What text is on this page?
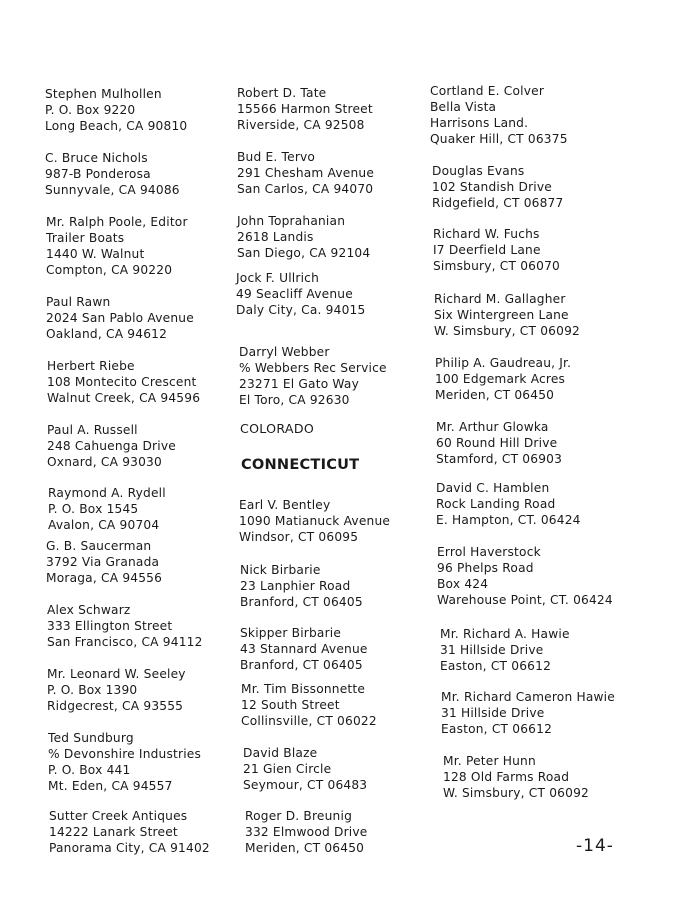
Stephen Mulhollen
P. O. Box 9220
Long Beach, CA 90810
C. Bruce Nichols
987-B Ponderosa
Sunnyvale, CA 94086
Mr. Ralph Poole, Editor
Trailer Boats
1440 W. Walnut
Compton, CA 90220
Paul Rawn
2024 San Pablo Avenue
Oakland, CA 94612
Herbert Riebe
108 Montecito Crescent
Walnut Creek, CA 94596
Paul A. Russell
248 Cahuenga Drive
Oxnard, CA 93030
Raymond A. Rydell
P. O. Box 1545
Avalon, CA 90704
G. B. Saucerman
3792 Via Granada
Moraga, CA 94556
Alex Schwarz
333 Ellington Street
San Francisco, CA 94112
Mr. Leonard W. Seeley
P. O. Box 1390
Ridgecrest, CA 93555
Ted Sundburg
% Devonshire Industries
P. O. Box 441
Mt. Eden, CA 94557
Sutter Creek Antiques
14222 Lanark Street
Panorama City, CA 91402
Robert D. Tate
15566 Harmon Street
Riverside, CA 92508
Bud E. Tervo
291 Chesham Avenue
San Carlos, CA 94070
John Toprahanian
2618 Landis
San Diego, CA 92104
Jock F. Ullrich
49 Seacliff Avenue
Daly City, Ca. 94015
Darryl Webber
% Webbers Rec Service
23271 El Gato Way
El Toro, CA 92630
COLORADO
CONNECTICUT
Earl V. Bentley
1090 Matianuck Avenue
Windsor, CT 06095
Nick Birbarie
23 Lanphier Road
Branford, CT 06405
Skipper Birbarie
43 Stannard Avenue
Branford, CT 06405
Mr. Tim Bissonnette
12 South Street
Collinsville, CT 06022
David Blaze
21 Gien Circle
Seymour, CT 06483
Roger D. Breunig
332 Elmwood Drive
Meriden, CT 06450
Cortland E. Colver
Bella Vista
Harrisons Land.
Quaker Hill, CT 06375
Douglas Evans
102 Standish Drive
Ridgefield, CT 06877
Richard W. Fuchs
I7 Deerfield Lane
Simsbury, CT 06070
Richard M. Gallagher
Six Wintergreen Lane
W. Simsbury, CT 06092
Philip A. Gaudreau, Jr.
100 Edgemark Acres
Meriden, CT 06450
Mr. Arthur Glowka
60 Round Hill Drive
Stamford, CT 06903
David C. Hamblen
Rock Landing Road
E. Hampton, CT. 06424
Errol Haverstock
96 Phelps Road
Box 424
Warehouse Point, CT. 06424
Mr. Richard A. Hawie
31 Hillside Drive
Easton, CT 06612
Mr. Richard Cameron Hawie
31 Hillside Drive
Easton, CT 06612
Mr. Peter Hunn
128 Old Farms Road
W. Simsbury, CT 06092
-14-
